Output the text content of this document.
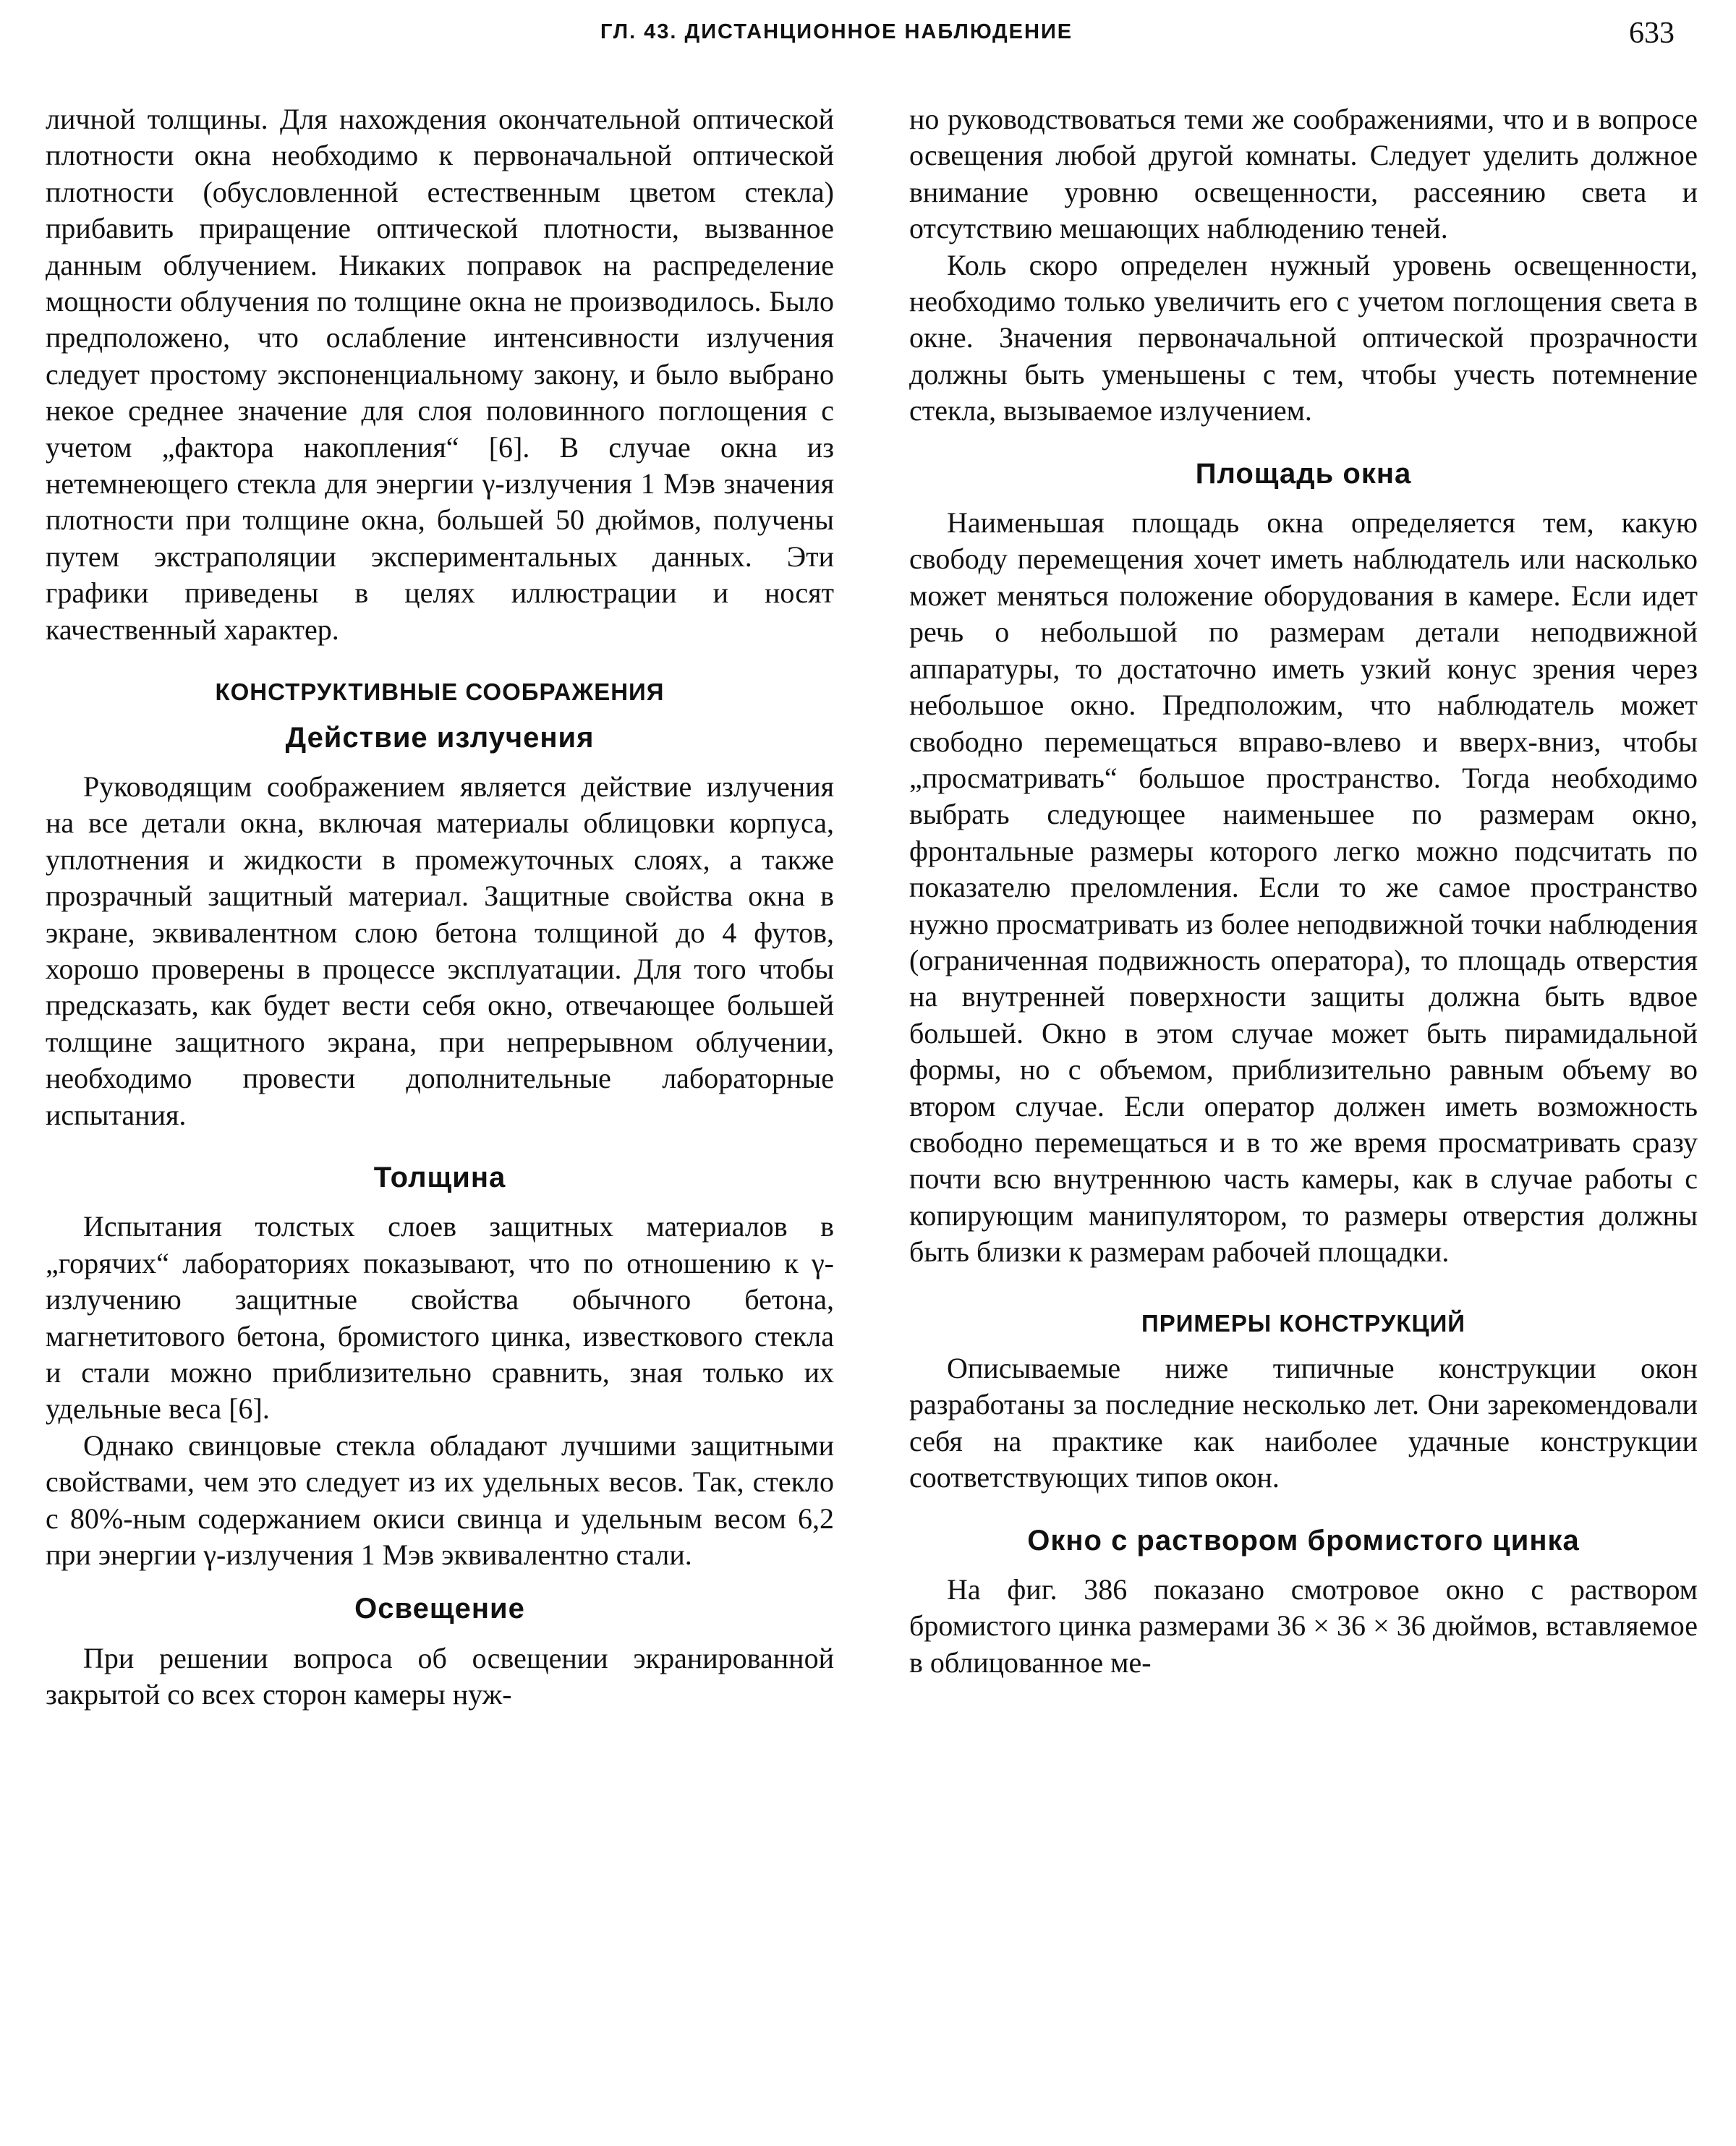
ГЛ. 43. ДИСТАНЦИОННОЕ НАБЛЮДЕНИЕ	633

личной толщины. Для нахождения окончательной оптической плотности окна необходимо к первоначальной оптической плотности (обусловленной естественным цветом стекла) прибавить приращение оптической плотности, вызванное данным облучением. Никаких поправок на распределение мощности облучения по толщине окна не производилось. Было предположено, что ослабление интенсивности излучения следует простому экспоненциальному закону, и было выбрано некое среднее значение для слоя половинного поглощения с учетом „фактора накопления“ [6]. В случае окна из нетемнеющего стекла для энергии γ-излучения 1 Мэв значения плотности при толщине окна, большей 50 дюймов, получены путем экстраполяции экспериментальных данных. Эти графики приведены в целях иллюстрации и носят качественный характер.

КОНСТРУКТИВНЫЕ СООБРАЖЕНИЯ

Действие излучения

Руководящим соображением является действие излучения на все детали окна, включая материалы облицовки корпуса, уплотнения и жидкости в промежуточных слоях, а также прозрачный защитный материал. Защитные свойства окна в экране, эквивалентном слою бетона толщиной до 4 футов, хорошо проверены в процессе эксплуатации. Для того чтобы предсказать, как будет вести себя окно, отвечающее большей толщине защитного экрана, при непрерывном облучении, необходимо провести дополнительные лабораторные испытания.

Толщина

Испытания толстых слоев защитных материалов в „горячих“ лабораториях показывают, что по отношению к γ-излучению защитные свойства обычного бетона, магнетитового бетона, бромистого цинка, известкового стекла и стали можно приблизительно сравнить, зная только их удельные веса [6].

Однако свинцовые стекла обладают лучшими защитными свойствами, чем это следует из их удельных весов. Так, стекло с 80%-ным содержанием окиси свинца и удельным весом 6,2 при энергии γ-излучения 1 Мэв эквивалентно стали.

Освещение

При решении вопроса об освещении экранированной закрытой со всех сторон камеры нуж-

но руководствоваться теми же соображениями, что и в вопросе освещения любой другой комнаты. Следует уделить должное внимание уровню освещенности, рассеянию света и отсутствию мешающих наблюдению теней.

Коль скоро определен нужный уровень освещенности, необходимо только увеличить его с учетом поглощения света в окне. Значения первоначальной оптической прозрачности должны быть уменьшены с тем, чтобы учесть потемнение стекла, вызываемое излучением.

Площадь окна

Наименьшая площадь окна определяется тем, какую свободу перемещения хочет иметь наблюдатель или насколько может меняться положение оборудования в камере. Если идет речь о небольшой по размерам детали неподвижной аппаратуры, то достаточно иметь узкий конус зрения через небольшое окно. Предположим, что наблюдатель может свободно перемещаться вправо-влево и вверх-вниз, чтобы „просматривать“ большое пространство. Тогда необходимо выбрать следующее наименьшее по размерам окно, фронтальные размеры которого легко можно подсчитать по показателю преломления. Если то же самое пространство нужно просматривать из более неподвижной точки наблюдения (ограниченная подвижность оператора), то площадь отверстия на внутренней поверхности защиты должна быть вдвое большей. Окно в этом случае может быть пирамидальной формы, но с объемом, приблизительно равным объему во втором случае. Если оператор должен иметь возможность свободно перемещаться и в то же время просматривать сразу почти всю внутреннюю часть камеры, как в случае работы с копирующим манипулятором, то размеры отверстия должны быть близки к размерам рабочей площадки.

ПРИМЕРЫ КОНСТРУКЦИЙ

Описываемые ниже типичные конструкции окон разработаны за последние несколько лет. Они зарекомендовали себя на практике как наиболее удачные конструкции соответствующих типов окон.

Окно с раствором бромистого цинка

На фиг. 386 показано смотровое окно с раствором бромистого цинка размерами 36 × 36 × 36 дюймов, вставляемое в облицованное ме-
